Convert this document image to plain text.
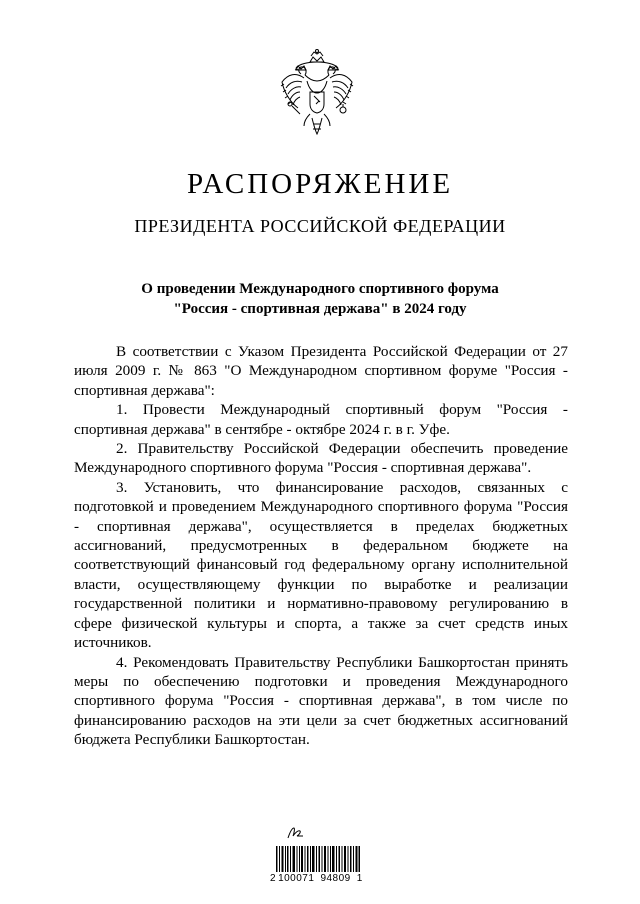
РАСПОРЯЖЕНИЕ
ПРЕЗИДЕНТА РОССИЙСКОЙ ФЕДЕРАЦИИ
О проведении Международного спортивного форума
"Россия - спортивная держава" в 2024 году

В соответствии с Указом Президента Российской Федерации от 27 июля 2009 г. № 863 "О Международном спортивном форуме "Россия - спортивная держава":

1. Провести Международный спортивный форум "Россия - спортивная держава" в сентябре - октябре 2024 г. в г. Уфе.

2. Правительству Российской Федерации обеспечить проведение Международного спортивного форума "Россия - спортивная держава".

3. Установить, что финансирование расходов, связанных с подготовкой и проведением Международного спортивного форума "Россия - спортивная держава", осуществляется в пределах бюджетных ассигнований, предусмотренных в федеральном бюджете на соответствующий финансовый год федеральному органу исполнительной власти, осуществляющему функции по выработке и реализации государственной политики и нормативно-правовому регулированию в сфере физической культуры и спорта, а также за счет средств иных источников.

4. Рекомендовать Правительству Республики Башкортостан принять меры по обеспечению подготовки и проведения Международного спортивного форума "Россия - спортивная держава", в том числе по финансированию расходов на эти цели за счет бюджетных ассигнований бюджета Республики Башкортостан.

2 100071 94809 1
